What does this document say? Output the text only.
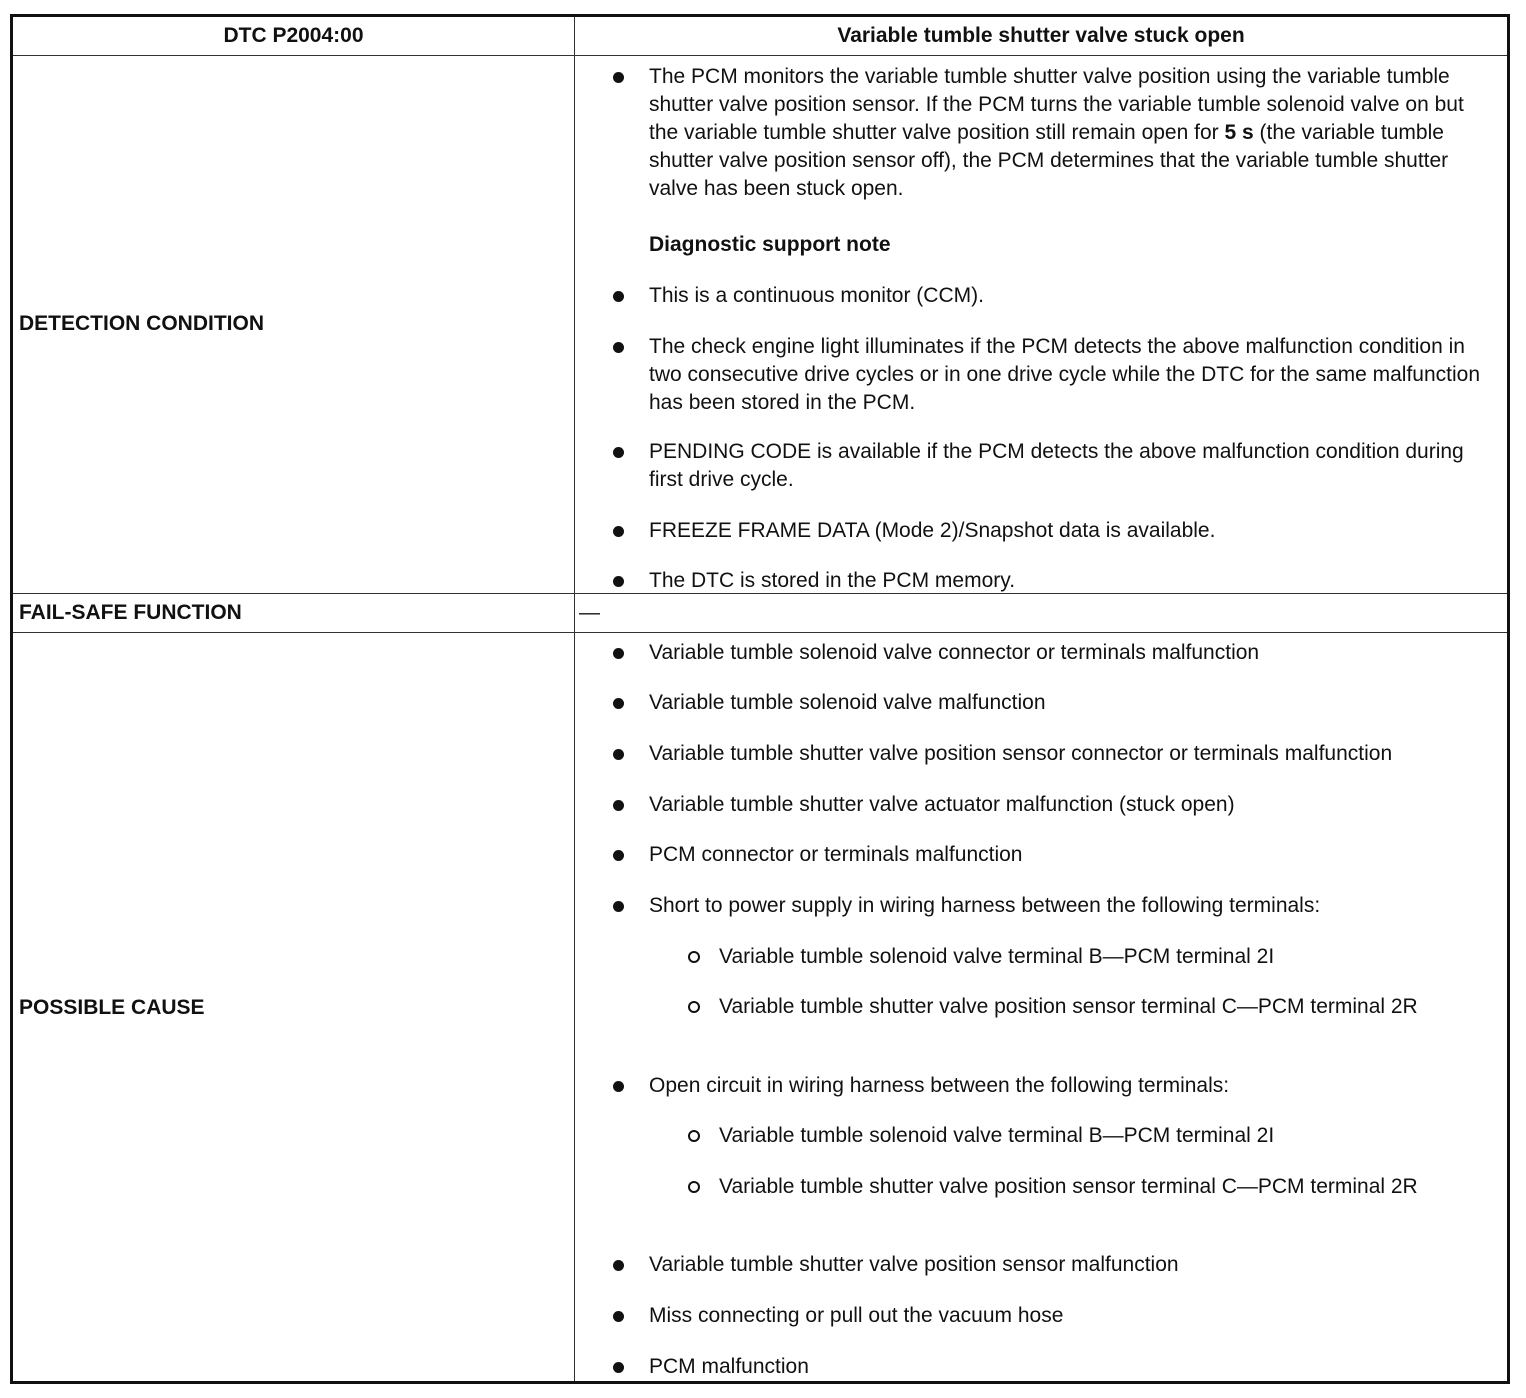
DTC P2004:00	Variable tumble shutter valve stuck open
DETECTION CONDITION
The PCM monitors the variable tumble shutter valve position using the variable tumble shutter valve position sensor. If the PCM turns the variable tumble solenoid valve on but the variable tumble shutter valve position still remain open for 5 s (the variable tumble shutter valve position sensor off), the PCM determines that the variable tumble shutter valve has been stuck open.
Diagnostic support note
This is a continuous monitor (CCM).
The check engine light illuminates if the PCM detects the above malfunction condition in two consecutive drive cycles or in one drive cycle while the DTC for the same malfunction has been stored in the PCM.
PENDING CODE is available if the PCM detects the above malfunction condition during first drive cycle.
FREEZE FRAME DATA (Mode 2)/Snapshot data is available.
The DTC is stored in the PCM memory.
FAIL-SAFE FUNCTION	—
POSSIBLE CAUSE
Variable tumble solenoid valve connector or terminals malfunction
Variable tumble solenoid valve malfunction
Variable tumble shutter valve position sensor connector or terminals malfunction
Variable tumble shutter valve actuator malfunction (stuck open)
PCM connector or terminals malfunction
Short to power supply in wiring harness between the following terminals:
Variable tumble solenoid valve terminal B—PCM terminal 2I
Variable tumble shutter valve position sensor terminal C—PCM terminal 2R
Open circuit in wiring harness between the following terminals:
Variable tumble solenoid valve terminal B—PCM terminal 2I
Variable tumble shutter valve position sensor terminal C—PCM terminal 2R
Variable tumble shutter valve position sensor malfunction
Miss connecting or pull out the vacuum hose
PCM malfunction
